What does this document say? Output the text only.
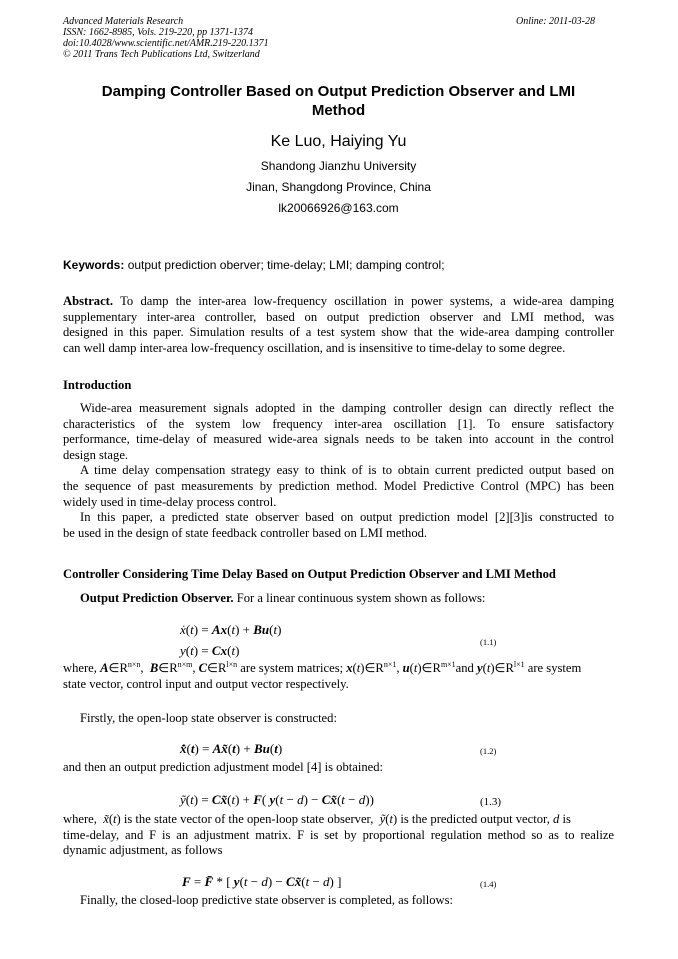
Advanced Materials Research
ISSN: 1662-8985, Vols. 219-220, pp 1371-1374
doi:10.4028/www.scientific.net/AMR.219-220.1371
© 2011 Trans Tech Publications Ltd, Switzerland
Online: 2011-03-28
Damping Controller Based on Output Prediction Observer and LMI
Method
Ke Luo, Haiying Yu
Shandong Jianzhu University
Jinan, Shangdong Province, China
lk20066926@163.com
Keywords: output prediction oberver; time-delay; LMI; damping control;
Abstract. To damp the inter-area low-frequency oscillation in power systems, a wide-area damping
supplementary inter-area controller, based on output prediction observer and LMI method, was
designed in this paper. Simulation results of a test system show that the wide-area damping controller
can well damp inter-area low-frequency oscillation, and is insensitive to time-delay to some degree.
Introduction
Wide-area measurement signals adopted in the damping controller design can directly reflect the
characteristics of the system low frequency inter-area oscillation [1]. To ensure satisfactory
performance, time-delay of measured wide-area signals needs to be taken into account in the control
design stage.
A time delay compensation strategy easy to think of is to obtain current predicted output based on
the sequence of past measurements by prediction method. Model Predictive Control (MPC) has been
widely used in time-delay process control.
In this paper, a predicted state observer based on output prediction model [2][3]is constructed to
be used in the design of state feedback controller based on LMI method.
Controller Considering Time Delay Based on Output Prediction Observer and LMI Method
Output Prediction Observer. For a linear continuous system shown as follows:
ẋ(t) = Ax(t) + Bu(t)
y(t) = Cx(t)
(1.1)
where, $A\in R^{n\times n}$,  $B\in R^{n\times m}$, $C\in R^{l\times n}$ are system matrices; $x(t)\in R^{n\times 1}$, $u(t)\in R^{m\times 1}and$ $y(t)\in R^{l\times 1}$ are system
state vector, control input and output vector respectively.
Firstly, the open-loop state observer is constructed:
x̂̇(t) = Ax̃(t) + Bu(t)	(1.2)
and then an output prediction adjustment model [4] is obtained:
ỹ(t) = Cx̃(t) + F( y(t − d) − Cx̃(t − d))	(1.3)
where,  x̃(t) is the state vector of the open-loop state observer,  ỹ(t) is the predicted output vector, d is
time-delay, and F is an adjustment matrix. F is set by proportional regulation method so as to realize
dynamic adjustment, as follows
F = F̄ * [ y(t − d) − Cx̃(t − d) ]	(1.4)
Finally, the closed-loop predictive state observer is completed, as follows:
